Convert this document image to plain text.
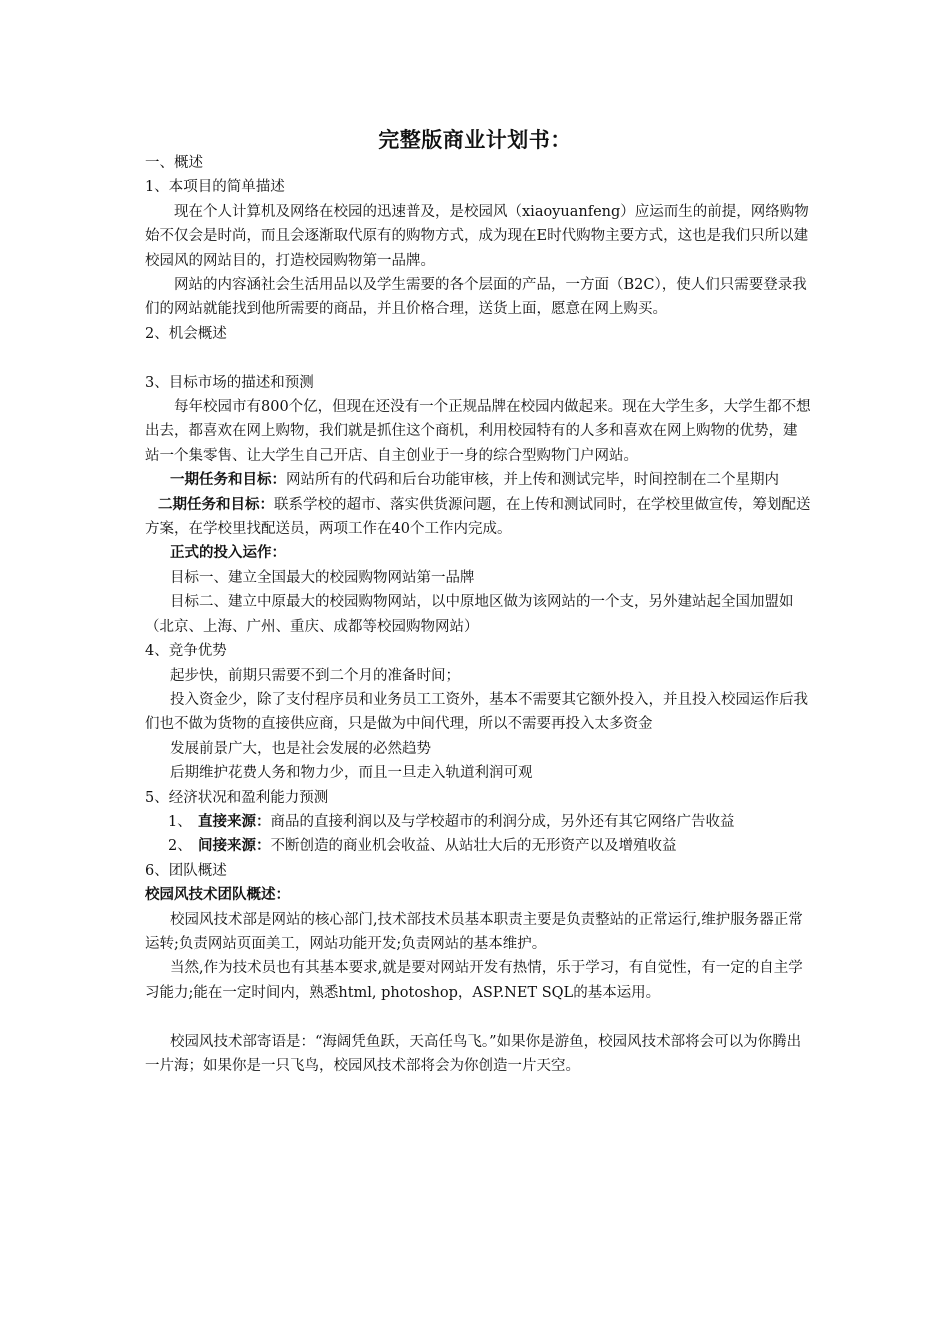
完整版商业计划书：

一、概述

1、本项目的简单描述

现在个人计算机及网络在校园的迅速普及，是校园风（xiaoyuanfeng）应运而生的前提，网络购物始不仅会是时尚，而且会逐渐取代原有的购物方式，成为现在E时代购物主要方式，这也是我们只所以建校园风的网站目的，打造校园购物第一品牌。

网站的内容涵社会生活用品以及学生需要的各个层面的产品，一方面（B2C），使人们只需要登录我们的网站就能找到他所需要的商品，并且价格合理，送货上面，愿意在网上购买。

2、机会概述

3、目标市场的描述和预测

每年校园市有800个亿，但现在还没有一个正规品牌在校园内做起来。现在大学生多，大学生都不想出去，都喜欢在网上购物，我们就是抓住这个商机，利用校园特有的人多和喜欢在网上购物的优势，建站一个集零售、让大学生自己开店、自主创业于一身的综合型购物门户网站。

一期任务和目标：网站所有的代码和后台功能审核，并上传和测试完毕，时间控制在二个星期内

二期任务和目标：联系学校的超市、落实供货源问题，在上传和测试同时，在学校里做宣传，筹划配送方案，在学校里找配送员，两项工作在40个工作内完成。

正式的投入运作：

目标一、建立全国最大的校园购物网站第一品牌

目标二、建立中原最大的校园购物网站，以中原地区做为该网站的一个支，另外建站起全国加盟如（北京、上海、广州、重庆、成都等校园购物网站）

4、竞争优势

起步快，前期只需要不到二个月的准备时间；

投入资金少，除了支付程序员和业务员工工资外，基本不需要其它额外投入，并且投入校园运作后我们也不做为货物的直接供应商，只是做为中间代理，所以不需要再投入太多资金

发展前景广大，也是社会发展的必然趋势

后期维护花费人务和物力少，而且一旦走入轨道利润可观

5、经济状况和盈利能力预测

1、 直接来源：商品的直接利润以及与学校超市的利润分成，另外还有其它网络广告收益
2、 间接来源：不断创造的商业机会收益、从站壮大后的无形资产以及增殖收益

6、团队概述

校园风技术团队概述：

校园风技术部是网站的核心部门,技术部技术员基本职责主要是负责整站的正常运行,维护服务器正常运转;负责网站页面美工，网站功能开发;负责网站的基本维护。

当然,作为技术员也有其基本要求,就是要对网站开发有热情，乐于学习，有自觉性，有一定的自主学习能力;能在一定时间内，熟悉html, photoshop，ASP.NET SQL的基本运用。

校园风技术部寄语是：“海阔凭鱼跃，天高任鸟飞。”如果你是游鱼，校园风技术部将会可以为你腾出一片海；如果你是一只飞鸟，校园风技术部将会为你创造一片天空。
